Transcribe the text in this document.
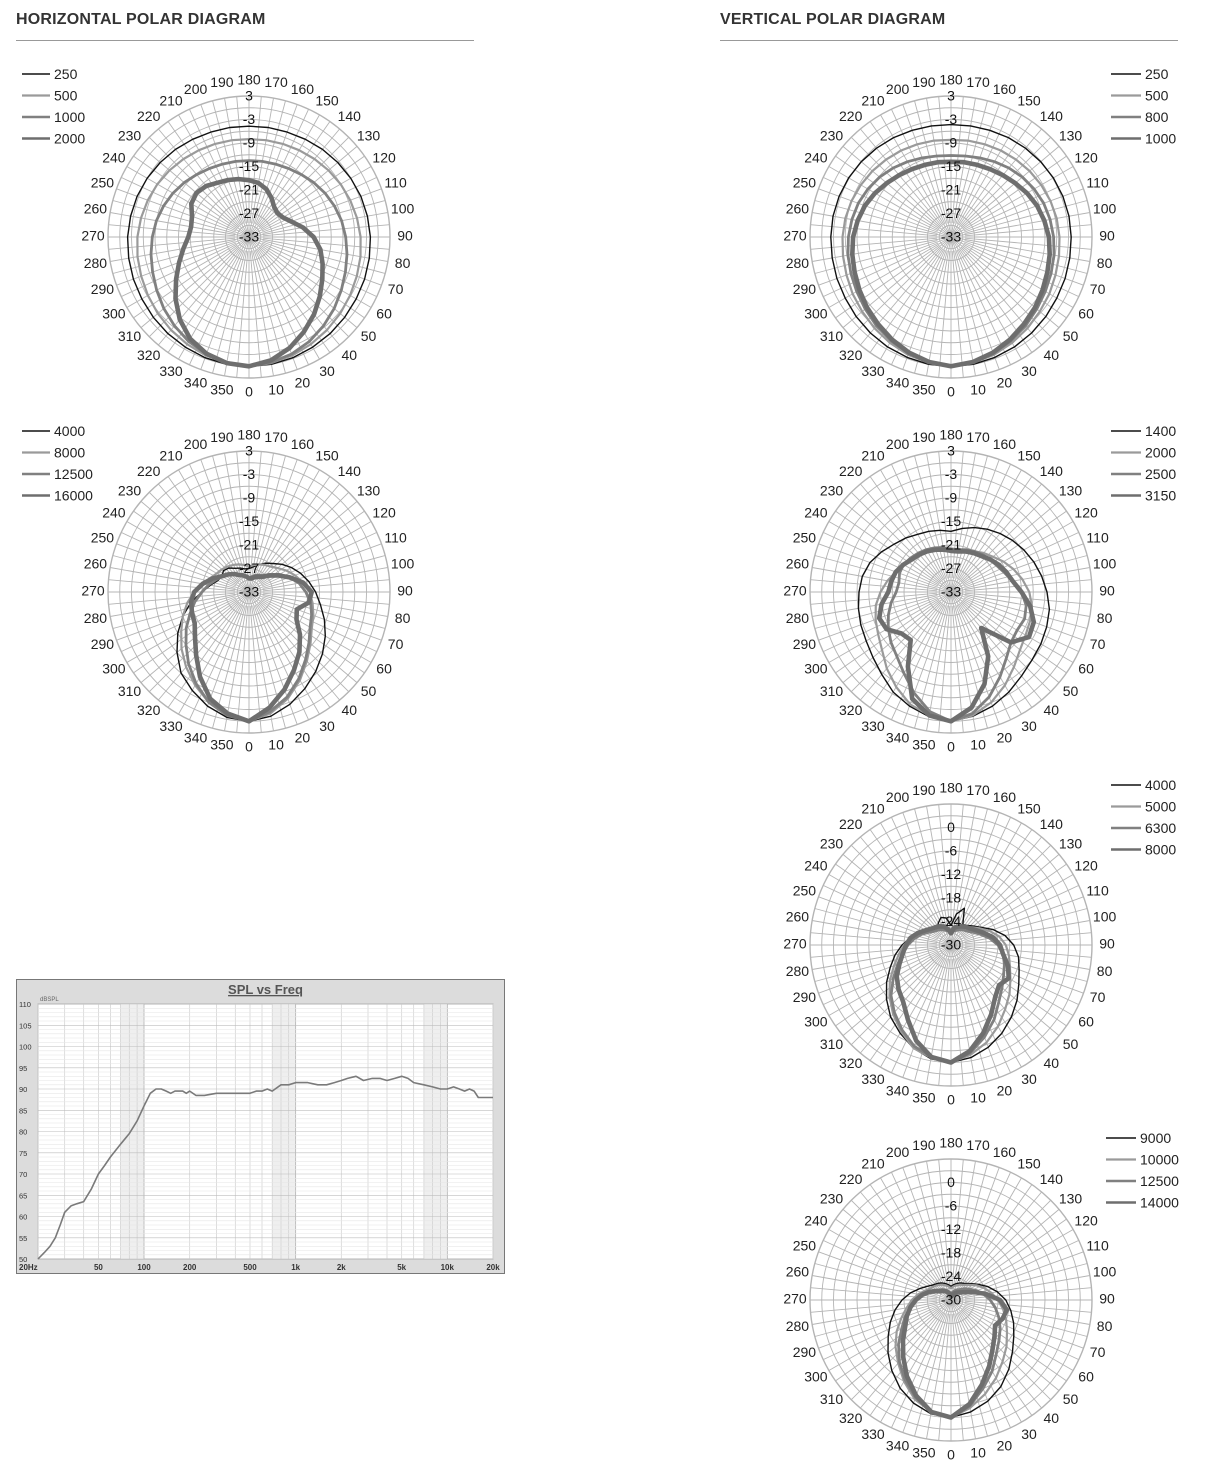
HORIZONTAL POLAR DIAGRAM	VERTICAL POLAR DIAGRAM
0 10 20
30
40
50
60
70
80
90
100
110
120
130
140
150
160
170
180
190
200
210
220
230
240
250
260
270
280
290
300
310
320
330
340 350
3
-3
-9
-15
-21
-27
-33
250
500
1000
2000
0 10 20
30
40
50
60
70
80
90
100
110
120
130
140
150
160
170
180
190
200
210
220
230
240
250
260
270
280
290
300
310
320
330
340 350
3
-3
-9
-15
-21
-27
-33
4000
8000
12500
16000
0 10 20
30
40
50
60
70
80
90
100
110
120
130
140
150
160
170
180
190
200
210
220
230
240
250
260
270
280
290
300
310
320
330
340 350
3
-3
-9
-15
-21
-27
-33
250
500
800
1000
0 10 20
30
40
50
60
70
80
90
100
110
120
130
140
150
160
170
180
190
200
210
220
230
240
250
260
270
280
290
300
310
320
330
340 350
3
-3
-9
-15
-21
-27
-33
1400
2000
2500
3150
0 10 20
30
40
50
60
70
80
90
100
110
120
130
140
150
160
170
180
190
200
210
220
230
240
250
260
270
280
290
300
310
320
330
340 350
0
-6
-12
-18
-24
-30
4000
5000
6300
8000
0 10 20
30
40
50
60
70
80
90
100
110
120
130
140
150
160
170
180
190
200
210
220
230
240
250
260
270
280
290
300
310
320
330
340 350
0
-6
-12
-18
-24
-30
9000
10000
12500
14000
SPL vs Freq
dBSPL
110
105
100
95
90
85
80
75
70
65
60
55
50
20Hz	50	100	200	500	1k	2k	5k	10k	20k
